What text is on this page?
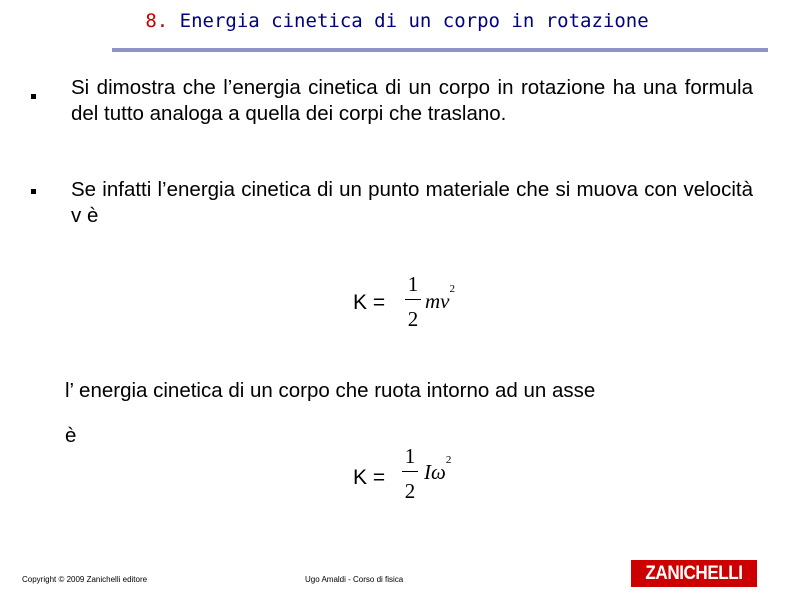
8. Energia cinetica di un corpo in rotazione
Si dimostra che l’energia cinetica di un corpo in rotazione ha una formula del tutto analoga a quella dei corpi che traslano.
Se infatti l’energia cinetica di un punto materiale che si muova con velocità v è
K =
1
2
$mv^2$
l’ energia cinetica di un corpo che ruota intorno ad un asse
è
K =
1
2
$I\omega^2$
Copyright © 2009 Zanichelli editore	Ugo Amaldi - Corso di fisica	ZANICHELLI
